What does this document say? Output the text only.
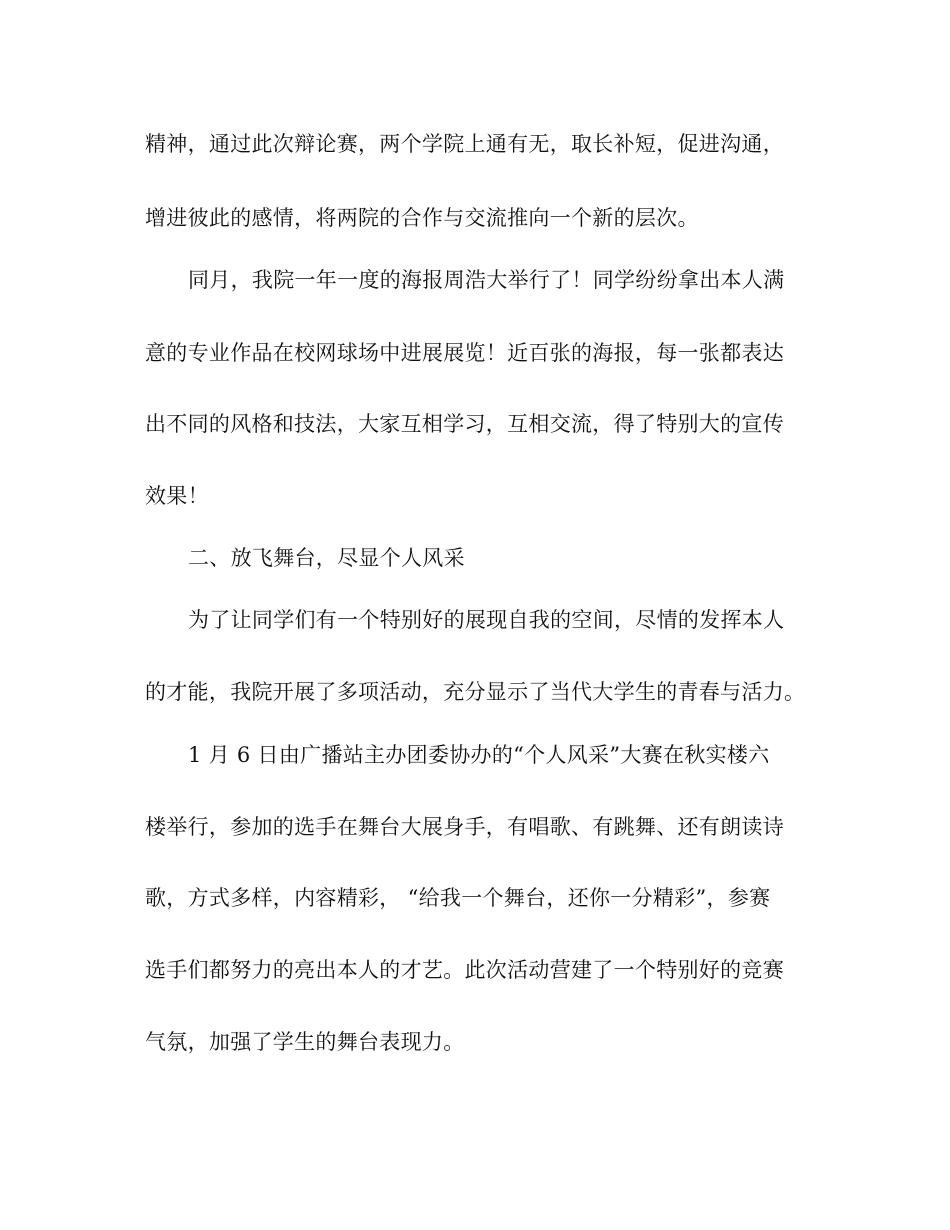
精神，通过此次辩论赛，两个学院上通有无，取长补短，促进沟通，
增进彼此的感情，将两院的合作与交流推向一个新的层次。
同月，我院一年一度的海报周浩大举行了！同学纷纷拿出本人满
意的专业作品在校网球场中进展展览！近百张的海报，每一张都表达
出不同的风格和技法，大家互相学习，互相交流，得了特别大的宣传
效果！
二、放飞舞台，尽显个人风采
为了让同学们有一个特别好的展现自我的空间，尽情的发挥本人
的才能，我院开展了多项活动，充分显示了当代大学生的青春与活力。
1 月 6 日由广播站主办团委协办的“个人风采”大赛在秋实楼六
楼举行，参加的选手在舞台大展身手，有唱歌、有跳舞、还有朗读诗
歌，方式多样，内容精彩， “给我一个舞台，还你一分精彩”，参赛
选手们都努力的亮出本人的才艺。此次活动营建了一个特别好的竞赛
气氛，加强了学生的舞台表现力。
